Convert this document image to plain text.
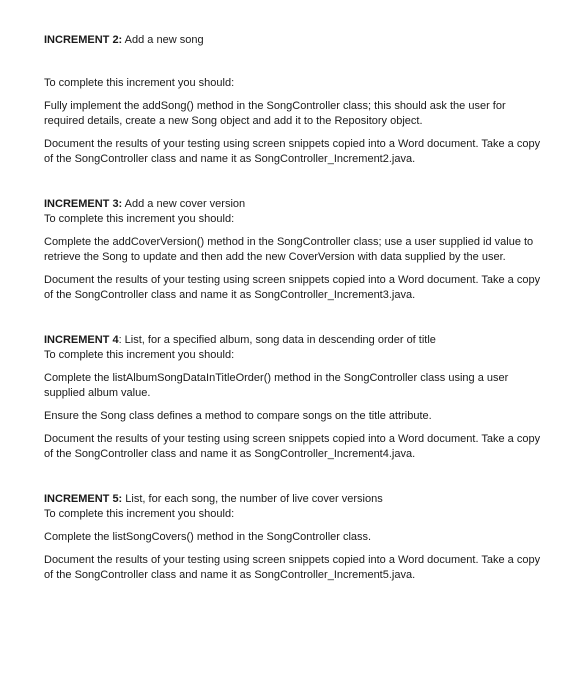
INCREMENT 2: Add a new song

To complete this increment you should:

Fully implement the addSong() method in the SongController class; this should ask the user for required details, create a new Song object and add it to the Repository object.

Document the results of your testing using screen snippets copied into a Word document. Take a copy of the SongController class and name it as SongController_Increment2.java.

INCREMENT 3: Add a new cover version

To complete this increment you should:

Complete the addCoverVersion() method in the SongController class; use a user supplied id value to retrieve the Song to update and then add the new CoverVersion with data supplied by the user.

Document the results of your testing using screen snippets copied into a Word document. Take a copy of the SongController class and name it as SongController_Increment3.java.

INCREMENT 4: List, for a specified album, song data in descending order of title

To complete this increment you should:

Complete the listAlbumSongDataInTitleOrder() method in the SongController class using a user supplied album value.

Ensure the Song class defines a method to compare songs on the title attribute.

Document the results of your testing using screen snippets copied into a Word document. Take a copy of the SongController class and name it as SongController_Increment4.java.

INCREMENT 5: List, for each song, the number of live cover versions

To complete this increment you should:

Complete the listSongCovers() method in the SongController class.

Document the results of your testing using screen snippets copied into a Word document. Take a copy of the SongController class and name it as SongController_Increment5.java.
